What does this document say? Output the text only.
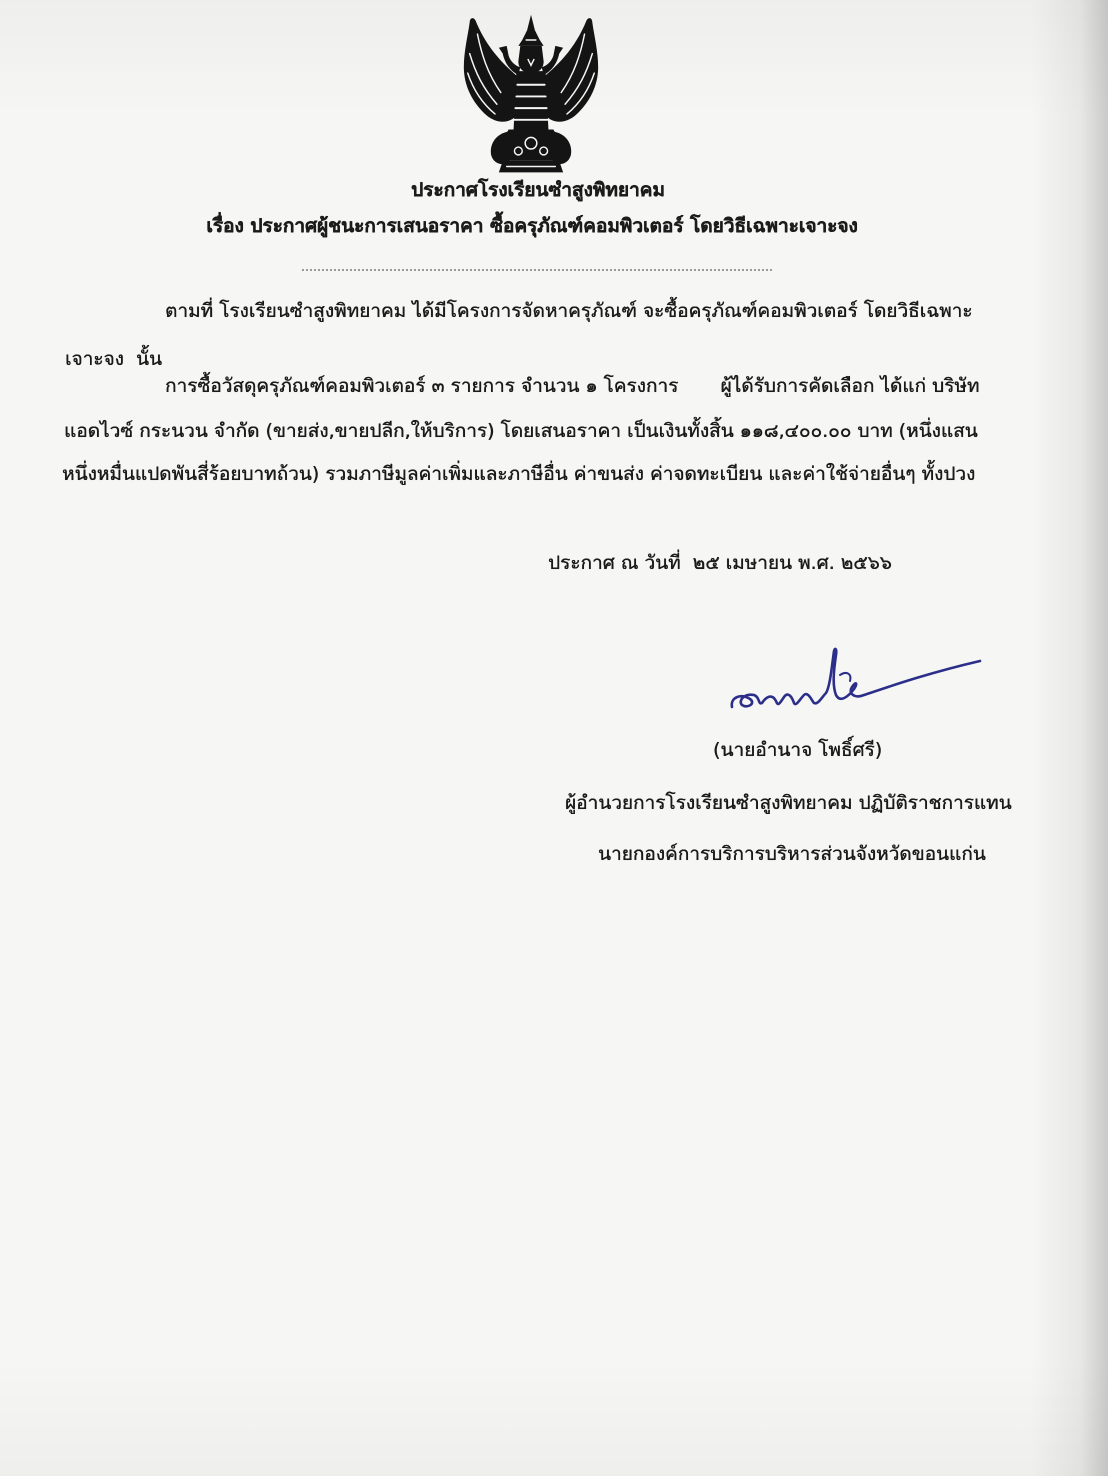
ประกาศโรงเรียนซำสูงพิทยาคม
เรื่อง ประกาศผู้ชนะการเสนอราคา ซื้อครุภัณฑ์คอมพิวเตอร์ โดยวิธีเฉพาะเจาะจง
ตามที่ โรงเรียนซำสูงพิทยาคม ได้มีโครงการจัดหาครุภัณฑ์ จะซื้อครุภัณฑ์คอมพิวเตอร์ โดยวิธีเฉพาะ
เจาะจง  นั้น
การซื้อวัสดุครุภัณฑ์คอมพิวเตอร์ ๓ รายการ จำนวน ๑ โครงการ       ผู้ได้รับการคัดเลือก ได้แก่ บริษัท
แอดไวซ์ กระนวน จำกัด (ขายส่ง,ขายปลีก,ให้บริการ) โดยเสนอราคา เป็นเงินทั้งสิ้น ๑๑๘,๔๐๐.๐๐ บาท (หนึ่งแสน
หนึ่งหมื่นแปดพันสี่ร้อยบาทถ้วน) รวมภาษีมูลค่าเพิ่มและภาษีอื่น ค่าขนส่ง ค่าจดทะเบียน และค่าใช้จ่ายอื่นๆ ทั้งปวง
ประกาศ ณ วันที่  ๒๕ เมษายน พ.ศ. ๒๕๖๖
(นายอำนาจ โพธิ์ศรี)
ผู้อำนวยการโรงเรียนซำสูงพิทยาคม ปฏิบัติราชการแทน
นายกองค์การบริการบริหารส่วนจังหวัดขอนแก่น
